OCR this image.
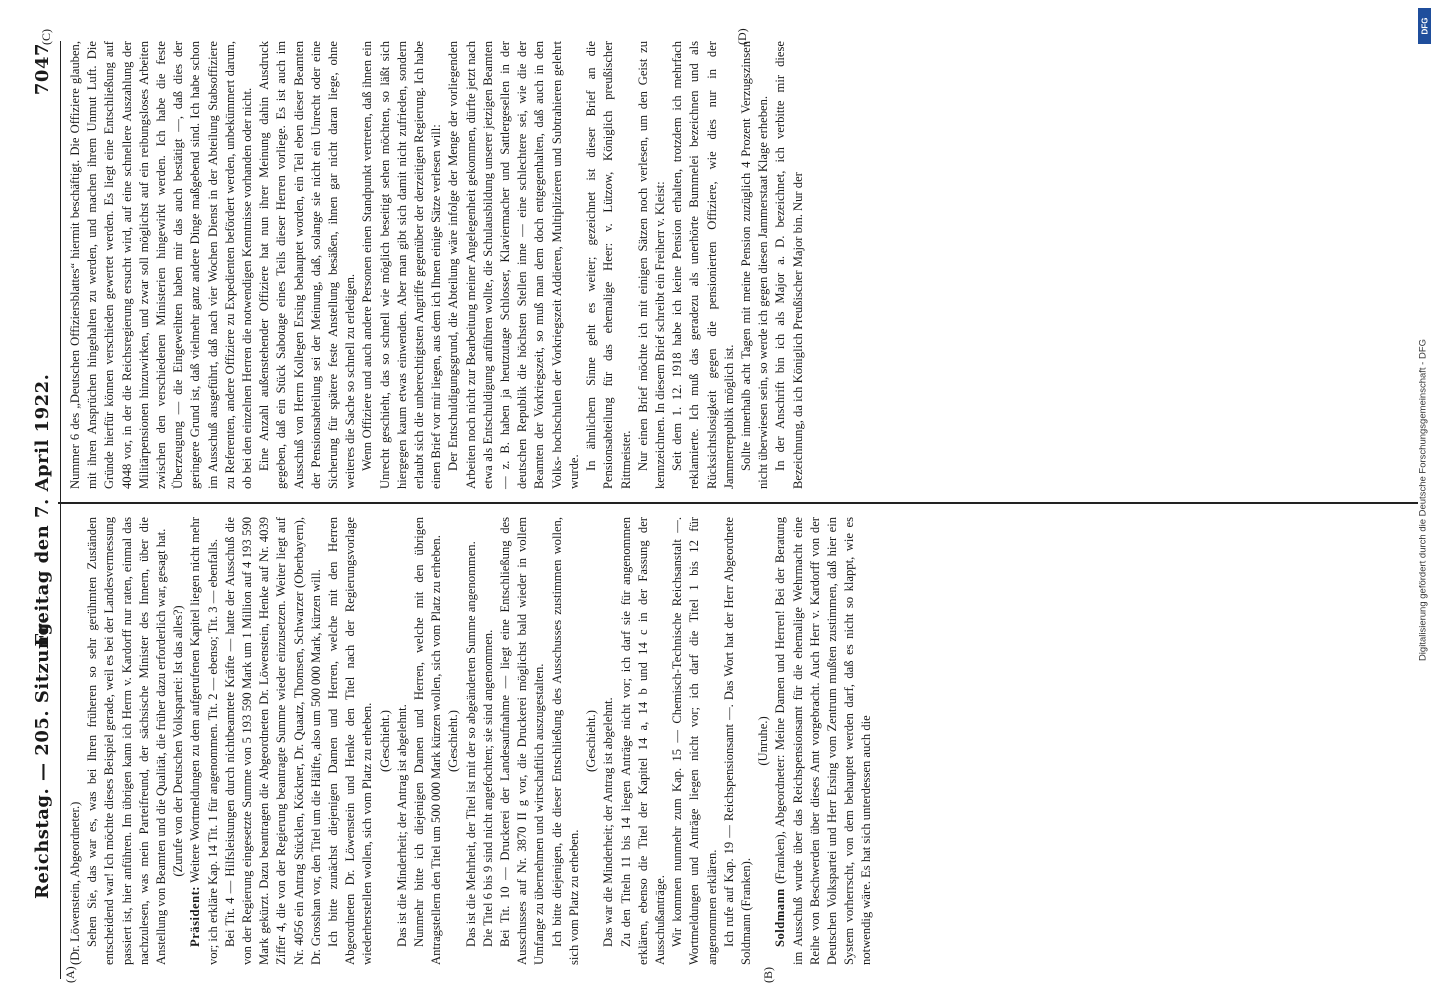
Reichstag. — 205. Sitzung.
Freitag den 7. April 1922.
7047
(A)	(B)
(C)	(D)

(Dr. Löwenstein, Abgeordneter.) Sehen Sie, das war es, was bei Ihren früheren so sehr gerühmten Zuständen entscheidend war! Ich möchte dieses Beispiel gerade, weil es bei der Landesvermessung passiert ist, hier anführen. Im übrigen kann ich Herrn v. Kardorff nur raten, einmal das nachzulesen, was mein Parteifreund, der sächsische Minister des Innern, über die Anstellung von Beamten und die Qualität, die früher dazu erforderlich war, gesagt hat. (Zurufe von der Deutschen Volkspartei: Ist das alles?)

Präsident: Weitere Wortmeldungen zu dem aufgerufenen Kapitel liegen nicht mehr vor; ich erkläre Kap. 14 Tit. 1 für angenommen. Tit. 2 — ebenso; Tit. 3 — ebenfalls. Bei Tit. 4 — Hilfsleistungen durch nichtbeamtete Kräfte — hatte der Ausschuß die von der Regierung eingesetzte Summe von 5 193 590 Mark um 1 Million auf 4 193 590 Mark gekürzt. Dazu beantragen die Abgeordneten Dr. Löwenstein, Henke auf Nr. 4039 Ziffer 4, die von der Regierung beantragte Summe wieder einzusetzen. Weiter liegt auf Nr. 4056 ein Antrag Stücklen, Köckner, Dr. Quaatz, Thomsen, Schwarzer (Oberbayern), Dr. Grosshan vor, den Titel um die Hälfte, also um 500 000 Mark, kürzen will. Ich bitte zunächst diejenigen Damen und Herren, welche mit den Herren Abgeordneten Dr. Löwenstein und Henke den Titel nach der Regierungsvorlage wiederherstellen wollen, sich vom Platz zu erheben. (Geschieht.) Das ist die Minderheit; der Antrag ist abgelehnt. Nunmehr bitte ich diejenigen Damen und Herren, welche mit den übrigen Antragstellern den Titel um 500 000 Mark kürzen wollen, sich vom Platz zu erheben. (Geschieht.) Das ist die Mehrheit, der Titel ist mit der so abgeänderten Summe angenommen. Die Titel 6 bis 9 sind nicht angefochten; sie sind angenommen. Bei Tit. 10 — Druckerei der Landesaufnahme — liegt eine Entschließung des Ausschusses auf Nr. 3870 II g vor, die Druckerei möglichst bald wieder in vollem Umfange zu übernehmen und wirtschaftlich auszugestalten. Ich bitte diejenigen, die dieser Entschließung des Ausschusses zustimmen wollen, sich vom Platz zu erheben.

(Geschieht.) Das war die Minderheit; der Antrag ist abgelehnt. Zu den Titeln 11 bis 14 liegen Anträge nicht vor; ich darf sie für angenommen erklären, ebenso die Titel der Kapitel 14 a, 14 b und 14 c in der Fassung der Ausschußanträge. Wir kommen nunmehr zum Kap. 15 — Chemisch-Technische Reichsanstalt —. Wortmeldungen und Anträge liegen nicht vor; ich darf die Titel 1 bis 12 für angenommen erklären. Ich rufe auf Kap. 19 — Reichspensionsamt —. Das Wort hat der Herr Abgeordnete Soldmann (Franken).

(Unruhe.)

Soldmann (Franken), Abgeordneter: Meine Damen und Herren! Bei der Beratung im Ausschuß wurde über das Reichspensionsamt für die ehemalige Wehrmacht eine Reihe von Beschwerden über dieses Amt vorgebracht. Auch Herr v. Kardorff von der Deutschen Volkspartei und Herr Ersing vom Zentrum mußten zustimmen, daß hier ein System vorherrscht, von dem behauptet werden darf, daß es nicht so klappt, wie es notwendig wäre. Es hat sich unterdessen auch die

Nummer 6 des „Deutschen Offiziersblattes“ hiermit beschäftigt. Die Offiziere glauben, mit ihren Ansprüchen hingehalten zu werden, und machen ihrem Unmut Luft. Die Gründe hierfür können verschieden gewertet werden. Es liegt eine Entschließung auf 4048 vor, in der die Reichsregierung ersucht wird, auf eine schnellere Auszahlung der Militärpensionen hinzuwirken, und zwar soll möglichst auf ein reibungsloses Arbeiten zwischen den verschiedenen Ministerien hingewirkt werden. Ich habe die feste Überzeugung — die Eingeweihten haben mir das auch bestätigt —, daß dies der geringere Grund ist, daß vielmehr ganz andere Dinge maßgebend sind. Ich habe schon im Ausschuß ausgeführt, daß nach vier Wochen Dienst in der Abteilung Stabsoffiziere zu Referenten, andere Offiziere zu Expedienten befördert werden, unbekümmert darum, ob bei den einzelnen Herren die notwendigen Kenntnisse vorhanden oder nicht. Eine Anzahl außenstehender Offiziere hat nun ihrer Meinung dahin Ausdruck gegeben, daß ein Stück Sabotage eines Teils dieser Herren vorliege. Es ist auch im Ausschuß von Herrn Kollegen Ersing behauptet worden, ein Teil eben dieser Beamten der Pensionsabteilung sei der Meinung, daß, solange sie nicht ein Unrecht oder eine Sicherung für spätere feste Anstellung besäßen, ihnen gar nicht daran liege, ohne weiteres die Sache so schnell zu erledigen. Wenn Offiziere und auch andere Personen einen Standpunkt vertreten, daß ihnen ein Unrecht geschieht, das so schnell wie möglich beseitigt sehen möchten, so läßt sich hiergegen kaum etwas einwenden. Aber man gibt sich damit nicht zufrieden, sondern erlaubt sich die unberechtigtsten Angriffe gegenüber der derzeitigen Regierung. Ich habe einen Brief vor mir liegen, aus dem ich Ihnen einige Sätze verlesen will: Der Entschuldigungsgrund, die Abteilung wäre infolge der Menge der vorliegenden Arbeiten noch nicht zur Bearbeitung meiner Angelegenheit gekommen, dürfte jetzt nach etwa als Entschuldigung anführen wollte, die Schulausbildung unserer jetzigen Beamten — z. B. haben ja heutzutage Schlosser, Klaviermacher und Sattlergesellen in der deutschen Republik die höchsten Stellen inne — eine schlechtere sei, wie die der Beamten der Vorkriegszeit, so muß man dem doch entgegenhalten, daß auch in den Volks- hochschulen der Vorkriegszeit Addieren, Multiplizieren und Subtrahieren gelehrt wurde.

In ähnlichem Sinne geht es weiter; gezeichnet ist dieser Brief an die Pensionsabteilung für das ehemalige Heer: v. Lützow, Königlich preußischer Rittmeister. Nur einen Brief möchte ich mit einigen Sätzen noch verlesen, um den Geist zu kennzeichnen. In diesem Brief schreibt ein Freiherr v. Kleist: Seit dem 1. 12. 1918 habe ich keine Pension erhalten, trotzdem ich mehrfach reklamierte. Ich muß das geradezu als unerhörte Bummelei bezeichnen und als Rücksichtslosigkeit gegen die pensionierten Offiziere, wie dies nur in der Jammerrepublik möglich ist. Sollte innerhalb acht Tagen mit meine Pension zuzüglich 4 Prozent Verzugszinsen nicht überwiesen sein, so werde ich gegen diesen Jammerstaat Klage erheben. In der Anschrift bin ich als Major a. D. bezeichnet, ich verbitte mir diese Bezeichnung, da ich Königlich Preußischer Major bin. Nur der

Digitalisierung gefördert durch die Deutsche Forschungsgemeinschaft - DFG
DFG
